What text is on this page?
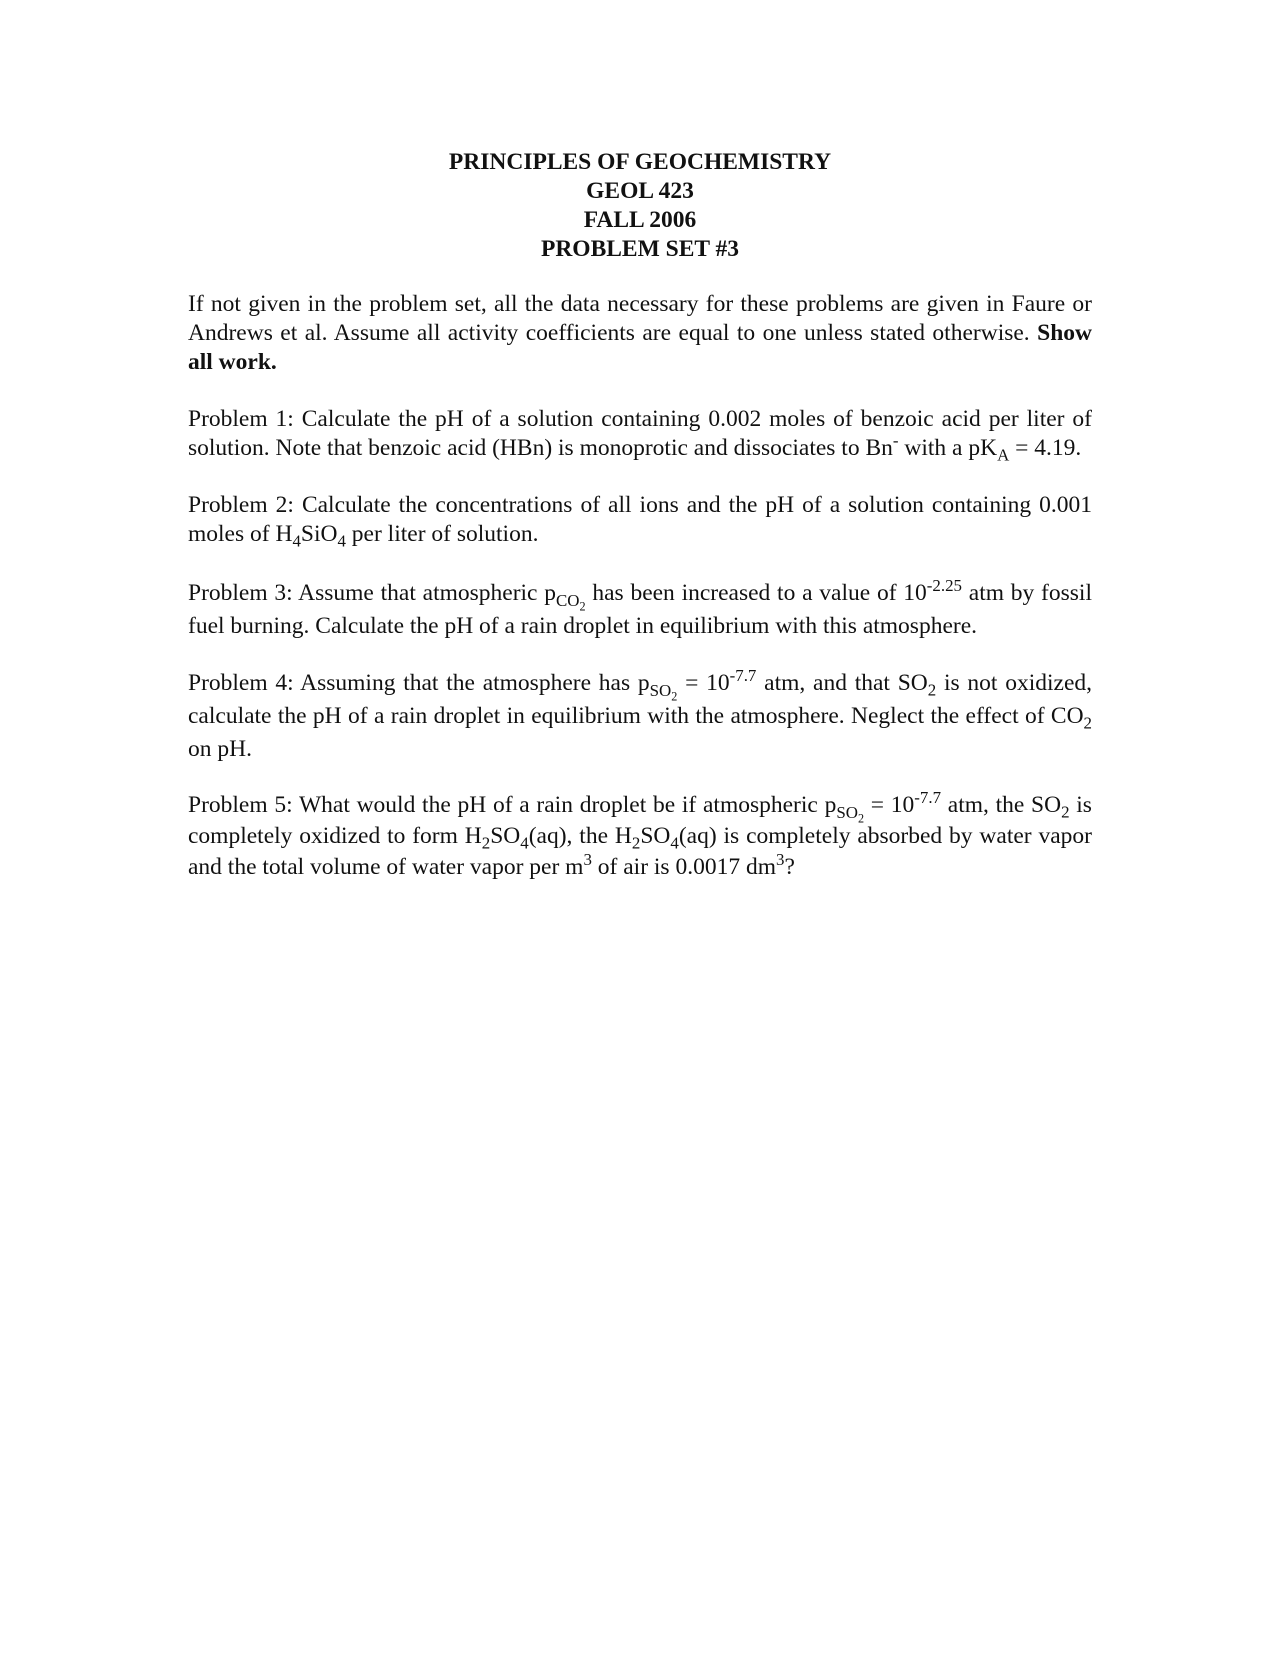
PRINCIPLES OF GEOCHEMISTRY
GEOL 423
FALL 2006
PROBLEM SET #3

If not given in the problem set, all the data necessary for these problems are given in Faure or Andrews et al. Assume all activity coefficients are equal to one unless stated otherwise. Show all work.

Problem 1: Calculate the pH of a solution containing 0.002 moles of benzoic acid per liter of solution. Note that benzoic acid (HBn) is monoprotic and dissociates to Bn- with a $pK_A = 4.19$.

Problem 2: Calculate the concentrations of all ions and the pH of a solution containing 0.001 moles of $H_4SiO_4$ per liter of solution.

Problem 3: Assume that atmospheric $p_{CO_2}$ has been increased to a value of $10^{-2.25}$ atm by fossil fuel burning. Calculate the pH of a rain droplet in equilibrium with this atmosphere.

Problem 4: Assuming that the atmosphere has $p_{SO_2} = 10^{-7.7}$ atm, and that $SO_2$ is not oxidized, calculate the pH of a rain droplet in equilibrium with the atmosphere. Neglect the effect of $CO_2$ on pH.

Problem 5: What would the pH of a rain droplet be if atmospheric $p_{SO_2} = 10^{-7.7}$ atm, the $SO_2$ is completely oxidized to form $H_2SO_4(aq)$, the $H_2SO_4(aq)$ is completely absorbed by water vapor and the total volume of water vapor per $m^3$ of air is 0.0017 $dm^3$?
